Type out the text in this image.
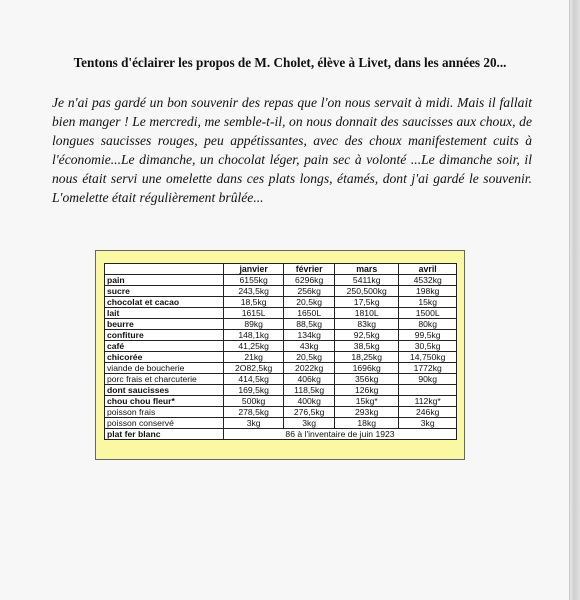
Tentons d'éclairer les propos de M. Cholet, élève à Livet, dans les années 20...
Je n'ai pas gardé un bon souvenir des repas que l'on nous servait à midi. Mais il fallait bien manger ! Le mercredi, me semble-t-il, on nous donnait des saucisses aux choux, de longues saucisses rouges, peu appétissantes, avec des choux manifestement cuits à l'économie...Le dimanche, un chocolat léger, pain sec à volonté ...Le dimanche soir, il nous était servi une omelette dans ces plats longs, étamés, dont j'ai gardé le souvenir. L'omelette était régulièrement brûlée...
	janvier	février	mars	avril
pain	6155kg	6296kg	5411kg	4532kg
sucre	243,5kg	256kg	250,500kg	198kg
chocolat et cacao	18,5kg	20,5kg	17,5kg	15kg
lait	1615L	1650L	1810L	1500L
beurre	89kg	88,5kg	83kg	80kg
confiture	148,1kg	134kg	92,5kg	99,5kg
café	41,25kg	43kg	38,5kg	30,5kg
chicorée	21kg	20,5kg	18,25kg	14,750kg
viande de boucherie	2O82,5kg	2022kg	1696kg	1772kg
porc frais et charcuterie	414,5kg	406kg	356kg	90kg
dont saucisses	169,5kg	118,5kg	126kg	
chou chou fleur*	500kg	400kg	15kg*	112kg*
poisson frais	278,5kg	276,5kg	293kg	246kg
poisson conservé	3kg	3kg	18kg	3kg
plat fer blanc	86 à l'inventaire de juin 1923			
